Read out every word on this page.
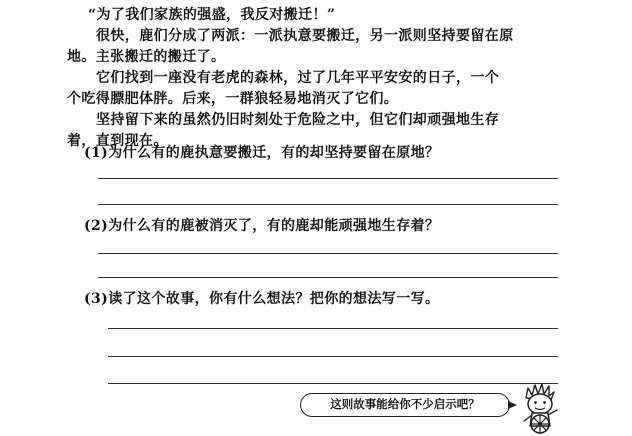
“为了我们家族的强盛，我反对搬迁！”
很快，鹿们分成了两派：一派执意要搬迁，另一派则坚持要留在原
地。主张搬迁的搬迁了。
它们找到一座没有老虎的森林，过了几年平平安安的日子，一个
个吃得膘肥体胖。后来，一群狼轻易地消灭了它们。
坚持留下来的虽然仍旧时刻处于危险之中，但它们却顽强地生存
着，直到现在。
(1)为什么有的鹿执意要搬迁，有的却坚持要留在原地？
(2)为什么有的鹿被消灭了，有的鹿却能顽强地生存着？
(3)读了这个故事，你有什么想法？把你的想法写一写。
这则故事能给你不少启示吧？
